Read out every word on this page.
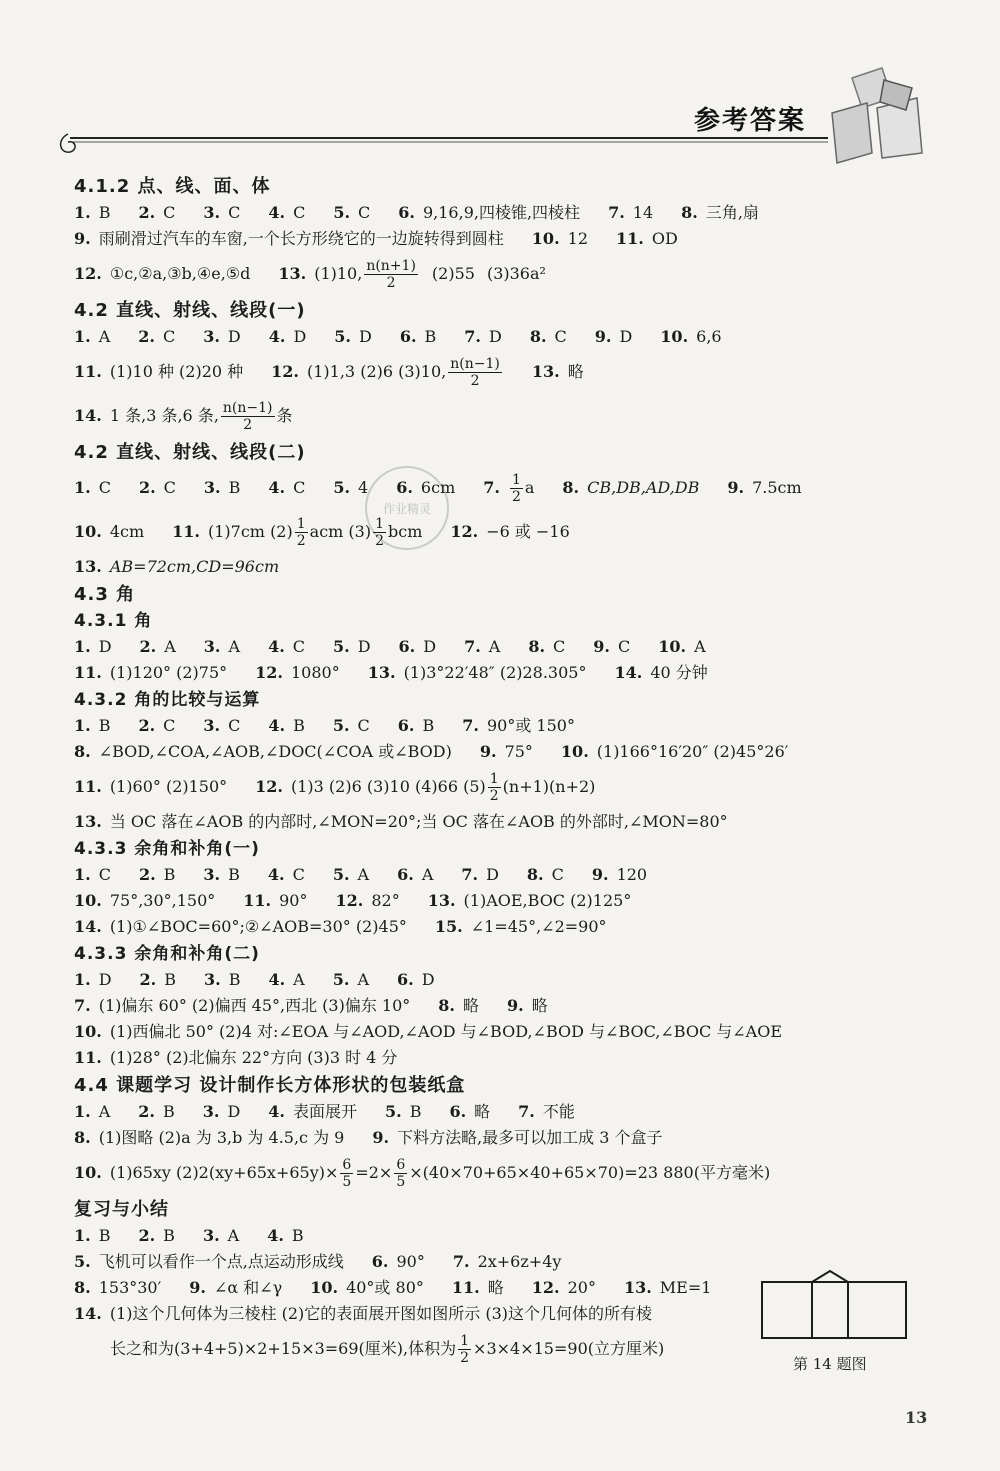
参考答案
作业精灵
4.1.2 点、线、面、体
1. B 2. C 3. C 4. C 5. C 6. 9,16,9,四棱锥,四棱柱 7. 14 8. 三角,扇
9. 雨刷滑过汽车的车窗,一个长方形绕它的一边旋转得到圆柱 10. 12 11. OD
12. ①c,②a,③b,④e,⑤d 13. (1)10, $\frac{n(n+1)}{2} (2)55$ (3)36a²
4.2 直线、射线、线段(一)
1. A 2. C 3. D 4. D 5. D 6. B 7. D 8. C 9. D 10. 6,6
11. (1)10 种 (2)20 种 12. (1)1,3 (2)6 (3)10, $\frac{n(n-1)}{2} 13$. 略
14. 1 条,3 条,6 条, $\frac{n(n-1)}{2}$ 条
4.2 直线、射线、线段(二)
1. C 2. C 3. B 4. C 5. 4 6. 6cm 7. $\frac{1}{2}$ a 8. CB,DB,AD,DB 9. 7.5cm
10. 4cm 11. (1)7cm $(2) \frac{1}{2}$ acm $(3) \frac{1}{2}$ bcm 12. −6 或 −16
13. AB=72cm,CD=96cm
4.3 角
4.3.1 角
1. D 2. A 3. A 4. C 5. D 6. D 7. A 8. C 9. C 10. A
11. (1)120° (2)75° 12. 1080° 13. (1)3°22′48″ (2)28.305° 14. 40 分钟
4.3.2 角的比较与运算
1. B 2. C 3. C 4. B 5. C 6. B 7. 90°或 150°
8. ∠BOD,∠COA,∠AOB,∠DOC(∠COA 或∠BOD) 9. 75° 10. (1)166°16′20″ (2)45°26′
11. (1)60° (2)150° 12. (1)3 (2)6 (3)10 (4)66 $(5) \frac{1}{2} (n+1)(n+2)$
13. 当 OC 落在∠AOB 的内部时,∠MON=20°;当 OC 落在∠AOB 的外部时,∠MON=80°
4.3.3 余角和补角(一)
1. C 2. B 3. B 4. C 5. A 6. A 7. D 8. C 9. 120
10. 75°,30°,150° 11. 90° 12. 82° 13. (1)AOE,BOC (2)125°
14. (1)①∠BOC=60°;②∠AOB=30° (2)45° 15. ∠1=45°,∠2=90°
4.3.3 余角和补角(二)
1. D 2. B 3. B 4. A 5. A 6. D
7. (1)偏东 60° (2)偏西 45°,西北 (3)偏东 10° 8. 略 9. 略
10. (1)西偏北 50° (2)4 对:∠EOA 与∠AOD,∠AOD 与∠BOD,∠BOD 与∠BOC,∠BOC 与∠AOE
11. (1)28° (2)北偏东 22°方向 (3)3 时 4 分
4.4 课题学习 设计制作长方体形状的包装纸盒
1. A 2. B 3. D 4. 表面展开 5. B 6. 略 7. 不能
8. (1)图略 (2)a 为 3,b 为 4.5,c 为 9 9. 下料方法略,最多可以加工成 3 个盒子
10. (1)65xy $(2)2(xy+65x+65y)\times \frac{6}{5} =2\times \frac{6}{5} \times(40\times 70+65\times 40+65\times 70)=23$ 880(平方毫米)
复习与小结
1. B 2. B 3. A 4. B
5. 飞机可以看作一个点,点运动形成线 6. 90° 7. 2x+6z+4y
8. 153°30′ 9. ∠α 和∠γ 10. 40°或 80° 11. 略 12. 20° 13. ME=1
14. (1)这个几何体为三棱柱 (2)它的表面展开图如图所示 (3)这个几何体的所有棱
长之和为(3+4+5)×2+15×3=69(厘米),体积为 $\frac{1}{2} \times 3\times 4\times 15=90$(立方厘米)
第 14 题图
13
